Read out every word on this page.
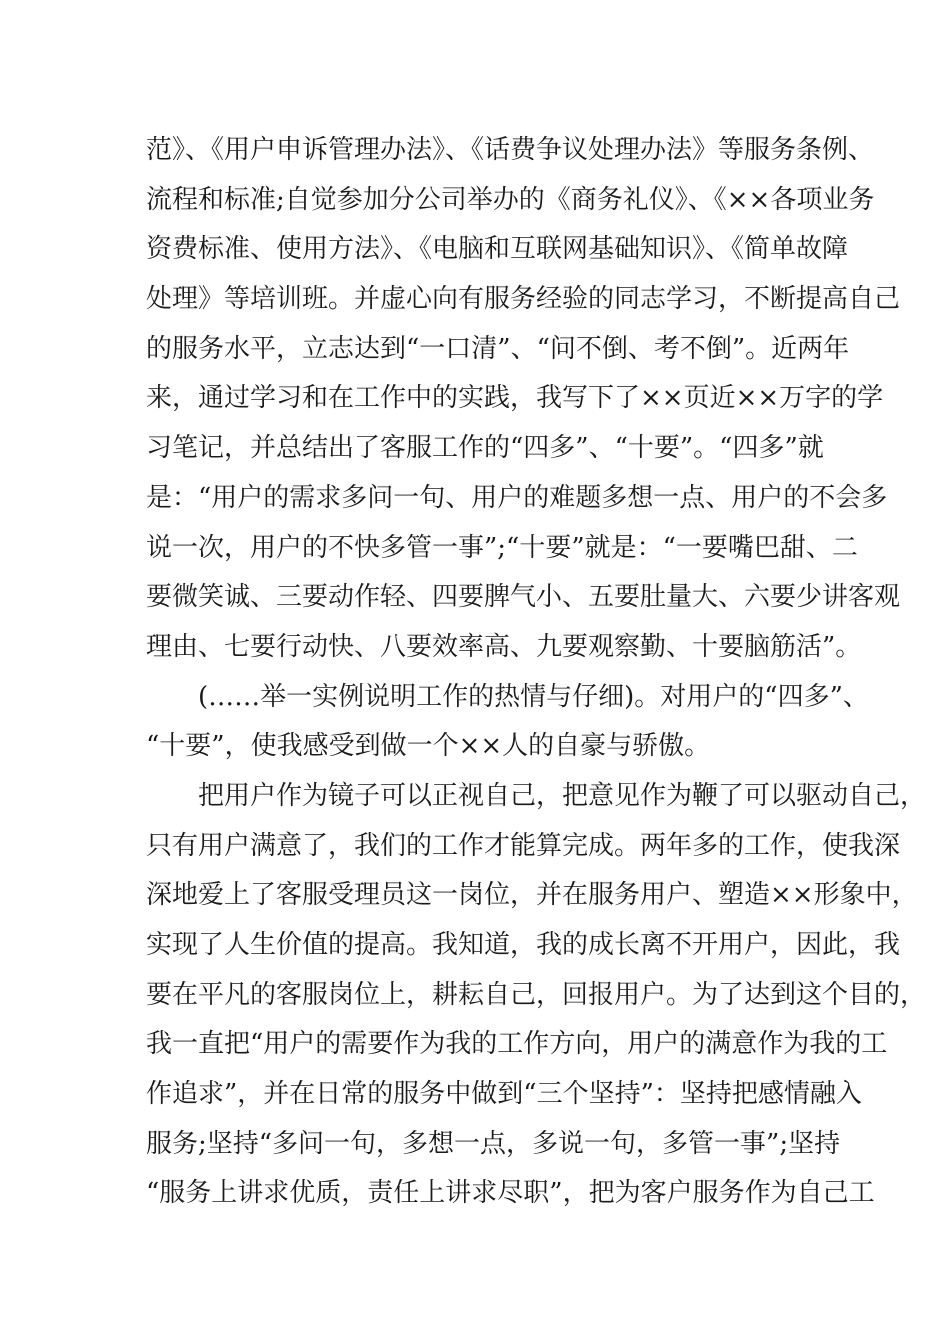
范》、《用户申诉管理办法》、《话费争议处理办法》等服务条例、
流程和标准;自觉参加分公司举办的《商务礼仪》、《××各项业务
资费标准、使用方法》、《电脑和互联网基础知识》、《简单故障
处理》等培训班。并虚心向有服务经验的同志学习，不断提高自己
的服务水平，立志达到“一口清”、“问不倒、考不倒”。近两年
来，通过学习和在工作中的实践，我写下了××页近××万字的学
习笔记，并总结出了客服工作的“四多”、“十要”。“四多”就
是：“用户的需求多问一句、用户的难题多想一点、用户的不会多
说一次，用户的不快多管一事”;“十要”就是：“一要嘴巴甜、二
要微笑诚、三要动作轻、四要脾气小、五要肚量大、六要少讲客观
理由、七要行动快、八要效率高、九要观察勤、十要脑筋活”。
(……举一实例说明工作的热情与仔细)。对用户的“四多”、
“十要”，使我感受到做一个××人的自豪与骄傲。
把用户作为镜子可以正视自己，把意见作为鞭了可以驱动自己，
只有用户满意了，我们的工作才能算完成。两年多的工作，使我深
深地爱上了客服受理员这一岗位，并在服务用户、塑造××形象中，
实现了人生价值的提高。我知道，我的成长离不开用户，因此，我
要在平凡的客服岗位上，耕耘自己，回报用户。为了达到这个目的，
我一直把“用户的需要作为我的工作方向，用户的满意作为我的工
作追求”，并在日常的服务中做到“三个坚持”：坚持把感情融入
服务;坚持“多问一句，多想一点，多说一句，多管一事”;坚持
“服务上讲求优质，责任上讲求尽职”，把为客户服务作为自己工
